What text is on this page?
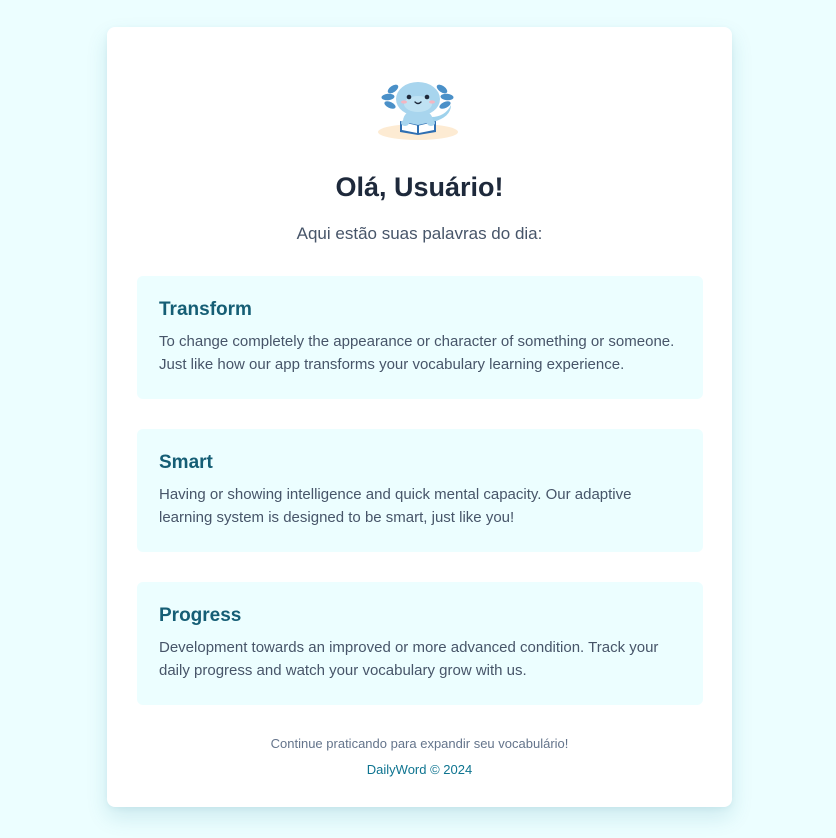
Olá, Usuário!

Aqui estão suas palavras do dia:

Transform

To change completely the appearance or character of something or someone. Just like how our app transforms your vocabulary learning experience.

Smart

Having or showing intelligence and quick mental capacity. Our adaptive learning system is designed to be smart, just like you!

Progress

Development towards an improved or more advanced condition. Track your daily progress and watch your vocabulary grow with us.

Continue praticando para expandir seu vocabulário!

DailyWord © 2024
